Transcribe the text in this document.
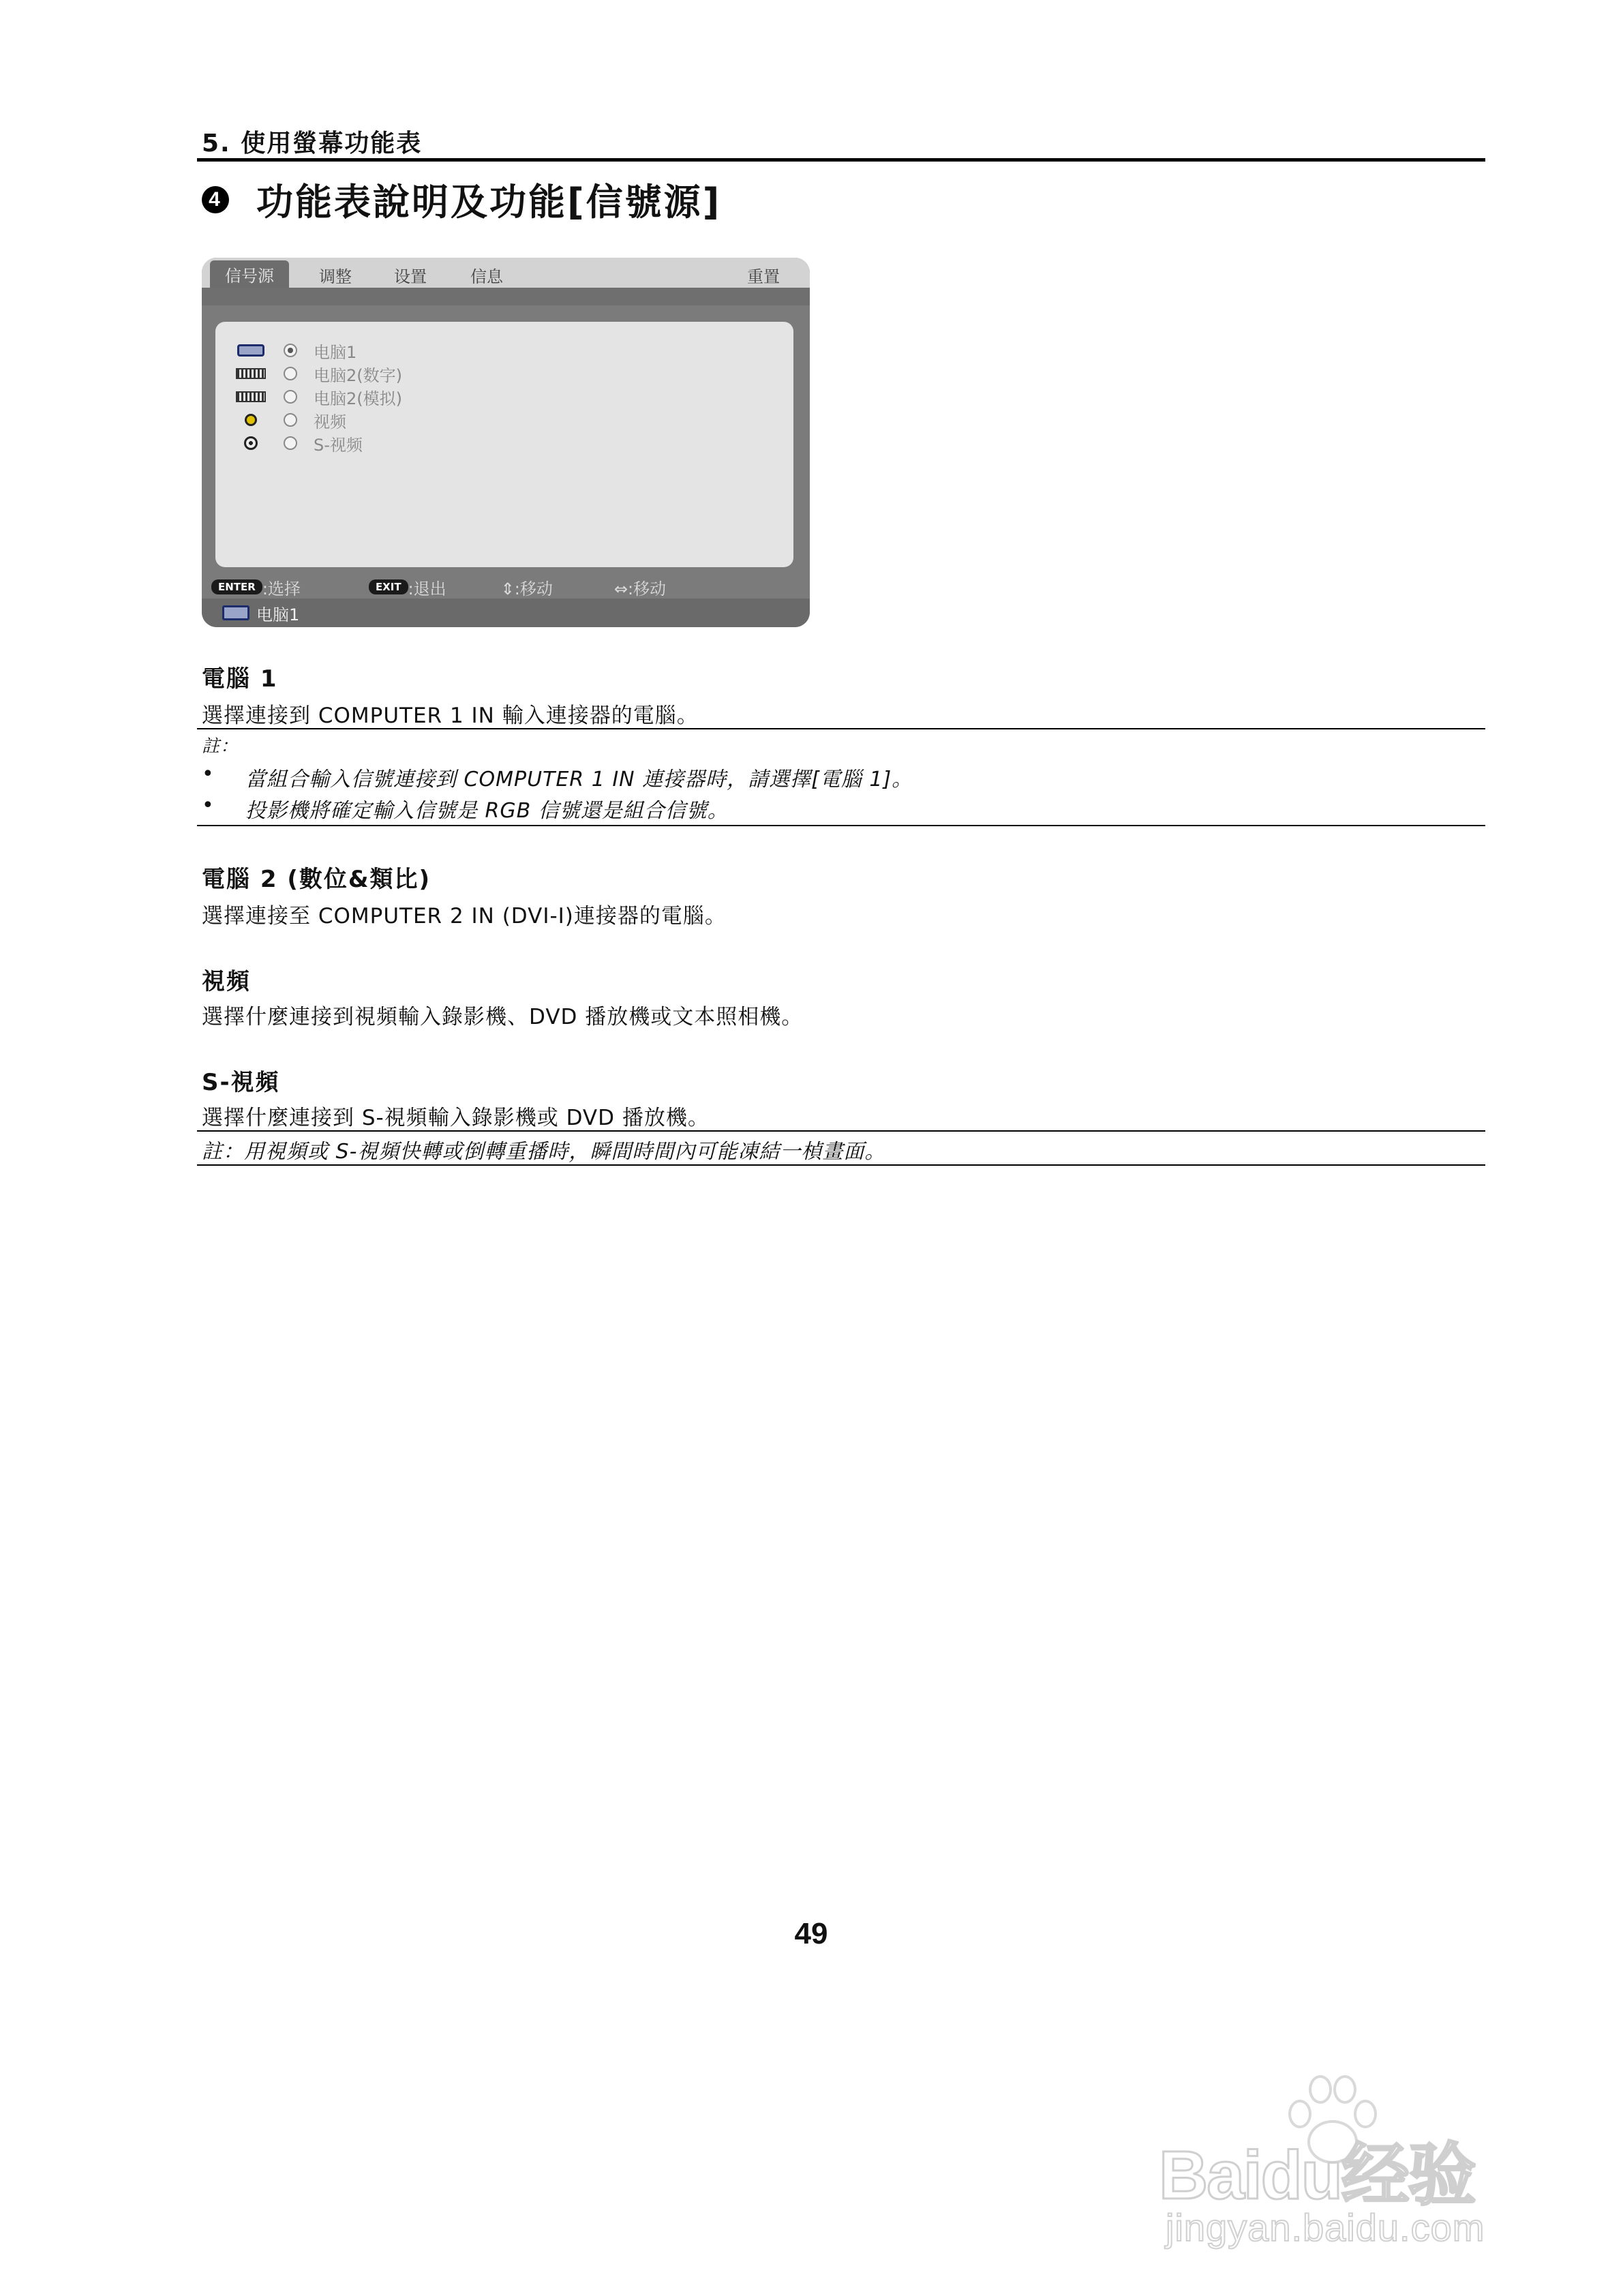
5. 使用螢幕功能表
4 功能表說明及功能[信號源]
信号源	调整	设置	信息	重置
电脑1
电脑2(数字)
电脑2(模拟)
视频
S-视频
ENTER :选择	EXIT :退出	⇕:移动	⇔:移动
电脑1
電腦 1
選擇連接到 COMPUTER 1 IN 輸入連接器的電腦。
註：
•	當組合輸入信號連接到 COMPUTER 1 IN 連接器時，請選擇[電腦 1]。
•	投影機將確定輸入信號是 RGB 信號還是組合信號。
電腦 2 (數位&類比)
選擇連接至 COMPUTER 2 IN (DVI-I)連接器的電腦。
視頻
選擇什麼連接到視頻輸入錄影機、DVD 播放機或文本照相機。
S-視頻
選擇什麼連接到 S-視頻輸入錄影機或 DVD 播放機。
註：用視頻或 S-視頻快轉或倒轉重播時，瞬間時間內可能凍結一楨畫面。
49
Baidu经验
jingyan.baidu.com
